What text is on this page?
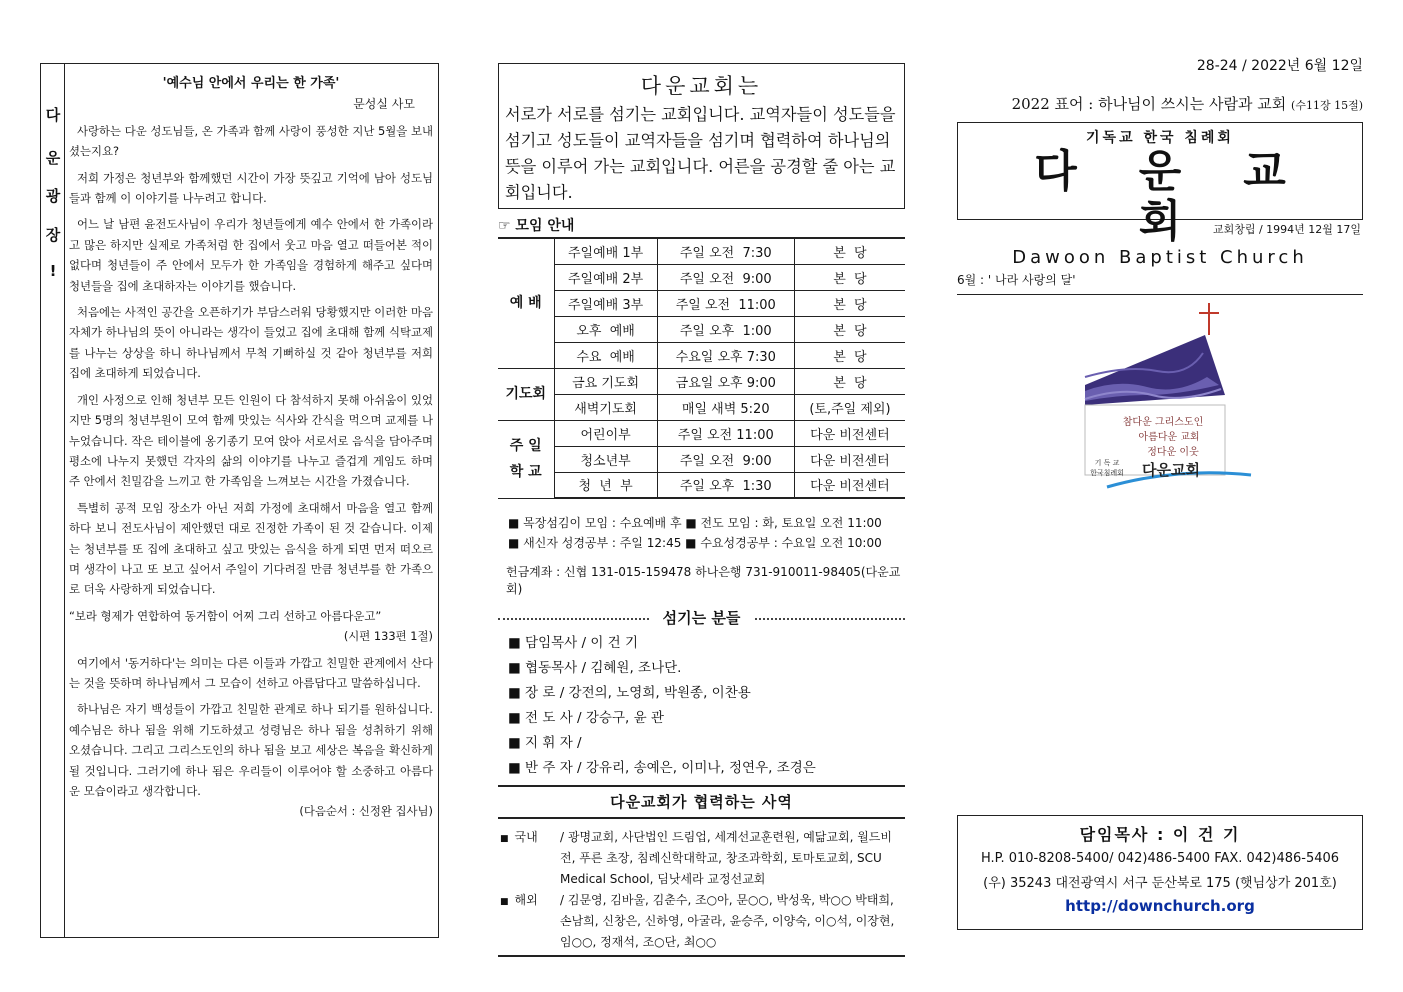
다
운
광
장
!
'예수님 안에서 우리는 한 가족'
문성실 사모

사랑하는 다운 성도님들, 온 가족과 함께 사랑이 풍성한 지난 5월을 보내셨는지요?

저희 가정은 청년부와 함께했던 시간이 가장 뜻깊고 기억에 남아 성도님들과 함께 이 이야기를 나누려고 합니다.

어느 날 남편 윤전도사님이 우리가 청년들에게 예수 안에서 한 가족이라고 많은 하지만 실제로 가족처럼 한 집에서 웃고 마음 열고 떠들어본 적이 없다며 청년들이 주 안에서 모두가 한 가족임을 경험하게 해주고 싶다며 청년들을 집에 초대하자는 이야기를 했습니다.

처음에는 사적인 공간을 오픈하기가 부담스러워 당황했지만 이러한 마음 자체가 하나님의 뜻이 아니라는 생각이 들었고 집에 초대해 함께 식탁교제를 나누는 상상을 하니 하나님께서 무척 기뻐하실 것 같아 청년부를 저희 집에 초대하게 되었습니다.

개인 사정으로 인해 청년부 모든 인원이 다 참석하지 못해 아쉬움이 있었지만 5명의 청년부원이 모여 함께 맛있는 식사와 간식을 먹으며 교제를 나누었습니다. 작은 테이블에 옹기종기 모여 앉아 서로서로 음식을 담아주며 평소에 나누지 못했던 각자의 삶의 이야기를 나누고 즐겁게 게임도 하며 주 안에서 친밀감을 느끼고 한 가족임을 느껴보는 시간을 가졌습니다.

특별히 공적 모임 장소가 아닌 저희 가정에 초대해서 마음을 열고 함께 하다 보니 전도사님이 제안했던 대로 진정한 가족이 된 것 같습니다. 이제는 청년부를 또 집에 초대하고 싶고 맛있는 음식을 하게 되면 먼저 떠오르며 생각이 나고 또 보고 싶어서 주일이 기다려질 만큼 청년부를 한 가족으로 더욱 사랑하게 되었습니다.

“보라 형제가 연합하여 동거함이 어찌 그리 선하고 아름다운고”

(시편 133편 1절)

여기에서 '동거하다'는 의미는 다른 이들과 가깝고 친밀한 관계에서 산다는 것을 뜻하며 하나님께서 그 모습이 선하고 아름답다고 말씀하십니다.

하나님은 자기 백성들이 가깝고 친밀한 관계로 하나 되기를 원하십니다. 예수님은 하나 됨을 위해 기도하셨고 성령님은 하나 됨을 성취하기 위해 오셨습니다. 그리고 그리스도인의 하나 됨을 보고 세상은 복음을 확신하게 될 것입니다. 그러기에 하나 됨은 우리들이 이루어야 할 소중하고 아름다운 모습이라고 생각합니다.

(다음순서 : 신정완 집사님)
다운교회는
서로가 서로를 섬기는 교회입니다. 교역자들이 성도들을 섬기고 성도들이 교역자들을 섬기며 협력하여 하나님의 뜻을 이루어 가는 교회입니다. 어른을 공경할 줄 아는 교회입니다.
☞ 모임 안내
예 배	주일예배 1부	주일 오전  7:30	본  당
	주일예배 2부	주일 오전  9:00	본  당
	주일예배 3부	주일 오전  11:00	본  당
	오후  예배	주일 오후  1:00	본  당
	수요  예배	수요일 오후 7:30	본  당
기도회	금요 기도회	금요일 오후 9:00	본  당
	새벽기도회	매일 새벽 5:20	(토,주일 제외)
주 일
학 교	어린이부	주일 오전 11:00	다운 비전센터
	청소년부	주일 오전  9:00	다운 비전센터
	청  년  부	주일 오후  1:30	다운 비전센터
■ 목장섬김이 모임 : 수요예배 후 ■ 전도 모임 : 화, 토요일 오전 11:00
■ 새신자 성경공부 : 주일 12:45 ■ 수요성경공부 : 수요일 오전 10:00
헌금계좌 : 신협 131-015-159478 하나은행 731-910011-98405(다운교회)
섬기는 분들
■ 담임목사 / 이 건 기
■ 협동목사 / 김혜원, 조나단.
■ 장 로 / 강전의, 노영희, 박원종, 이찬용
■ 전 도 사 / 강승구, 윤 관
■ 지 휘 자 /
■ 반 주 자 / 강유리, 송예은, 이미나, 정연우, 조경은
다운교회가 협력하는 사역
■ 국내	/ 광명교회, 사단법인 드림업, 세계선교훈련원, 예닮교회, 월드비전, 푸른 초장, 침례신학대학교, 창조과학회, 토마토교회, SCU Medical School, 딤낫세라 교정선교회
■ 해외	/ 김문영, 김바울, 김춘수, 조○아, 문○○, 박성욱, 박○○ 박태희, 손남희, 신창은, 신하영, 아굴라, 윤승주, 이양숙, 이○석, 이장현, 임○○, 정재석, 조○단, 최○○
28-24 / 2022년 6월 12일
2022 표어 : 하나님이 쓰시는 사람과 교회 (수11장 15절)
기독교 한국 침례회
다운교회
Dawoon Baptist Church
교회창립 / 1994년 12월 17일
6월 : ' 나라 사랑의 달'
참다운 그리스도인
아름다운 교회
정다운 이웃
기 독 교
한국침례회 다운교회
담임목사 : 이 건 기
H.P. 010-8208-5400/ 042)486-5400 FAX. 042)486-5406
(우) 35243 대전광역시 서구 둔산북로 175 (햇님상가 201호)
http://downchurch.org
